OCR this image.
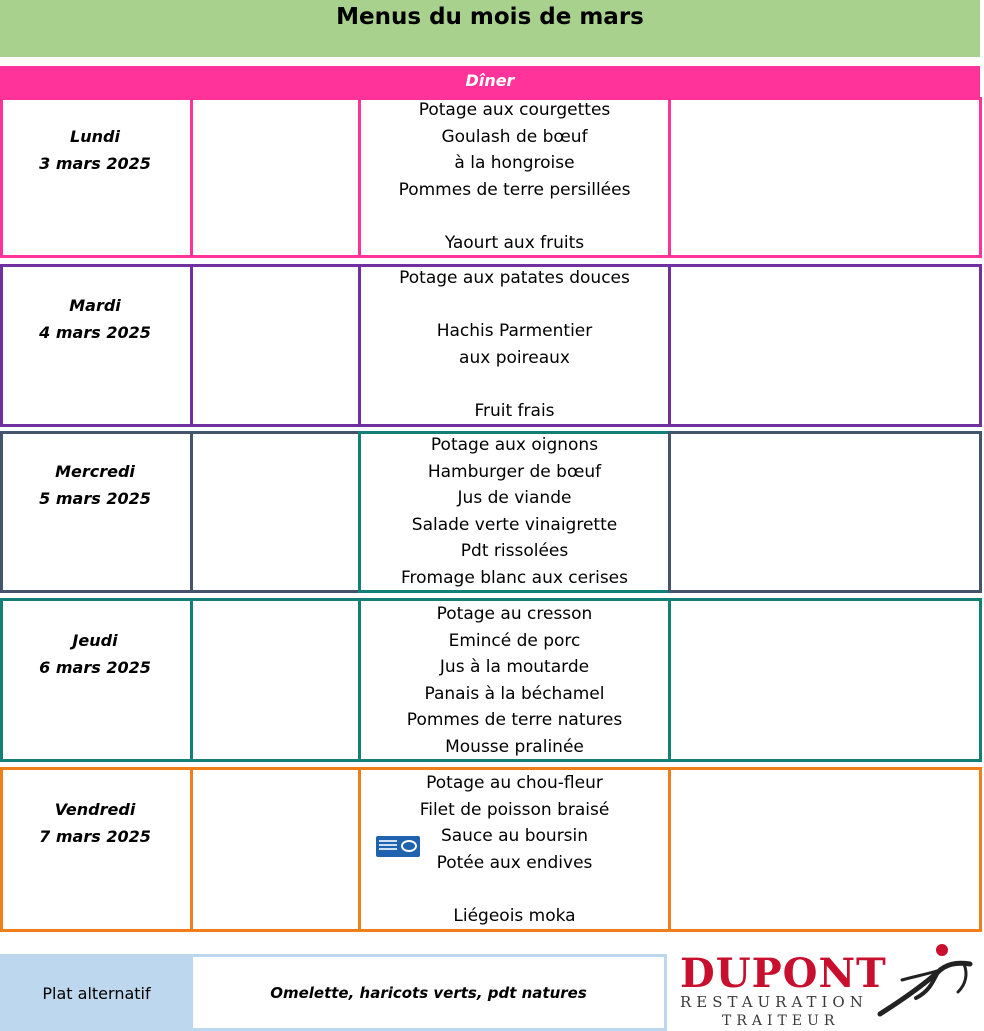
Menus du mois de mars
Dîner
Lundi
3 mars 2025
Potage aux courgettes
Goulash de bœuf
à la hongroise
Pommes de terre persillées
Yaourt aux fruits
Mardi
4 mars 2025
Potage aux patates douces
Hachis Parmentier
aux poireaux
Fruit frais
Mercredi
5 mars 2025
Potage aux oignons
Hamburger de bœuf
Jus de viande
Salade verte vinaigrette
Pdt rissolées
Fromage blanc aux cerises
Jeudi
6 mars 2025
Potage au cresson
Emincé de porc
Jus à la moutarde
Panais à la béchamel
Pommes de terre natures
Mousse pralinée
Vendredi
7 mars 2025
Potage au chou-fleur
Filet de poisson braisé
Sauce au boursin
Potée aux endives
Liégeois moka
Plat alternatif	Omelette, haricots verts, pdt natures	DUPONT
RESTAURATION
TRAITEUR
